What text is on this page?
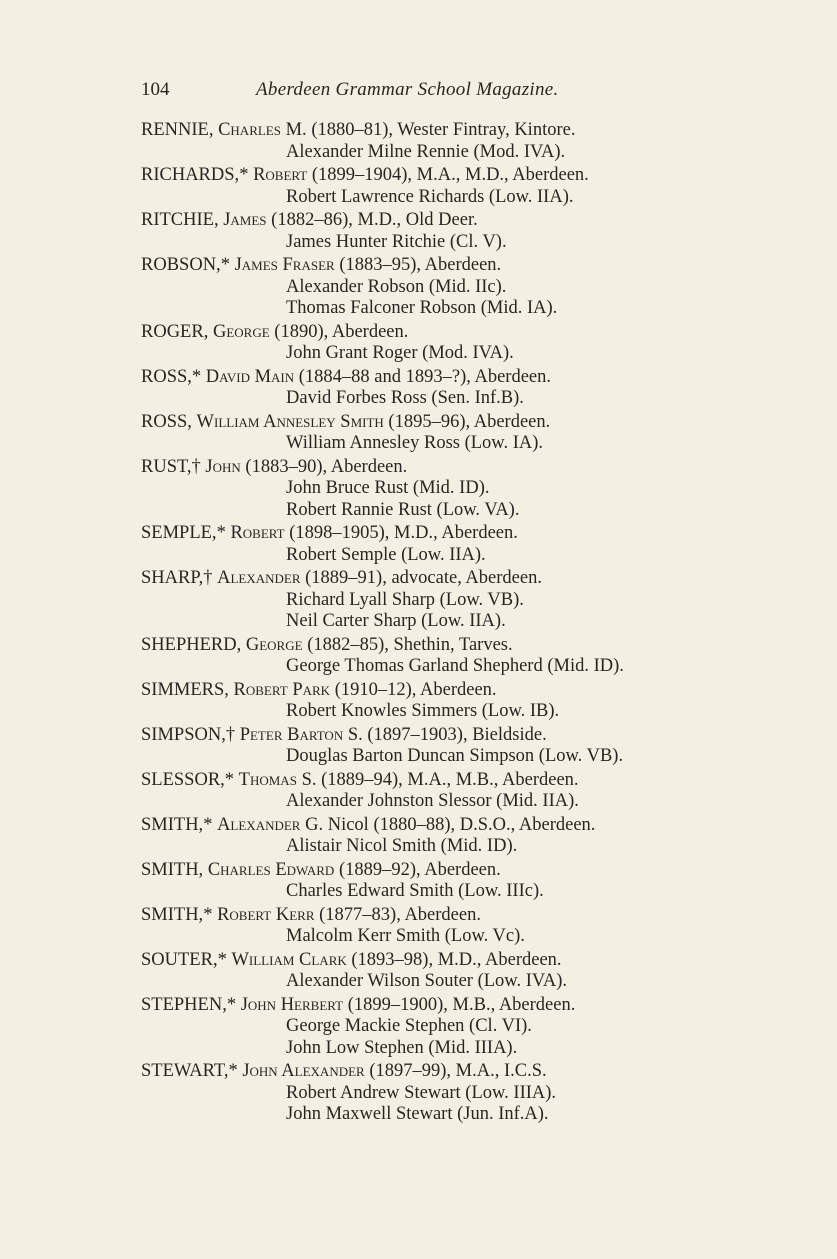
104	Aberdeen Grammar School Magazine.
RENNIE, Charles M. (1880–81), Wester Fintray, Kintore.
Alexander Milne Rennie (Mod. IVA).
RICHARDS,* Robert (1899–1904), M.A., M.D., Aberdeen.
Robert Lawrence Richards (Low. IIA).
RITCHIE, James (1882–86), M.D., Old Deer.
James Hunter Ritchie (Cl. V).
ROBSON,* James Fraser (1883–95), Aberdeen.
Alexander Robson (Mid. IIc).
Thomas Falconer Robson (Mid. IA).
ROGER, George (1890), Aberdeen.
John Grant Roger (Mod. IVA).
ROSS,* David Main (1884–88 and 1893–?), Aberdeen.
David Forbes Ross (Sen. Inf.B).
ROSS, William Annesley Smith (1895–96), Aberdeen.
William Annesley Ross (Low. IA).
RUST,† John (1883–90), Aberdeen.
John Bruce Rust (Mid. ID).
Robert Rannie Rust (Low. VA).
SEMPLE,* Robert (1898–1905), M.D., Aberdeen.
Robert Semple (Low. IIA).
SHARP,† Alexander (1889–91), advocate, Aberdeen.
Richard Lyall Sharp (Low. VB).
Neil Carter Sharp (Low. IIA).
SHEPHERD, George (1882–85), Shethin, Tarves.
George Thomas Garland Shepherd (Mid. ID).
SIMMERS, Robert Park (1910–12), Aberdeen.
Robert Knowles Simmers (Low. IB).
SIMPSON,† Peter Barton S. (1897–1903), Bieldside.
Douglas Barton Duncan Simpson (Low. VB).
SLESSOR,* Thomas S. (1889–94), M.A., M.B., Aberdeen.
Alexander Johnston Slessor (Mid. IIA).
SMITH,* Alexander G. Nicol (1880–88), D.S.O., Aberdeen.
Alistair Nicol Smith (Mid. ID).
SMITH, Charles Edward (1889–92), Aberdeen.
Charles Edward Smith (Low. IIIc).
SMITH,* Robert Kerr (1877–83), Aberdeen.
Malcolm Kerr Smith (Low. Vc).
SOUTER,* William Clark (1893–98), M.D., Aberdeen.
Alexander Wilson Souter (Low. IVA).
STEPHEN,* John Herbert (1899–1900), M.B., Aberdeen.
George Mackie Stephen (Cl. VI).
John Low Stephen (Mid. IIIA).
STEWART,* John Alexander (1897–99), M.A., I.C.S.
Robert Andrew Stewart (Low. IIIA).
John Maxwell Stewart (Jun. Inf.A).
